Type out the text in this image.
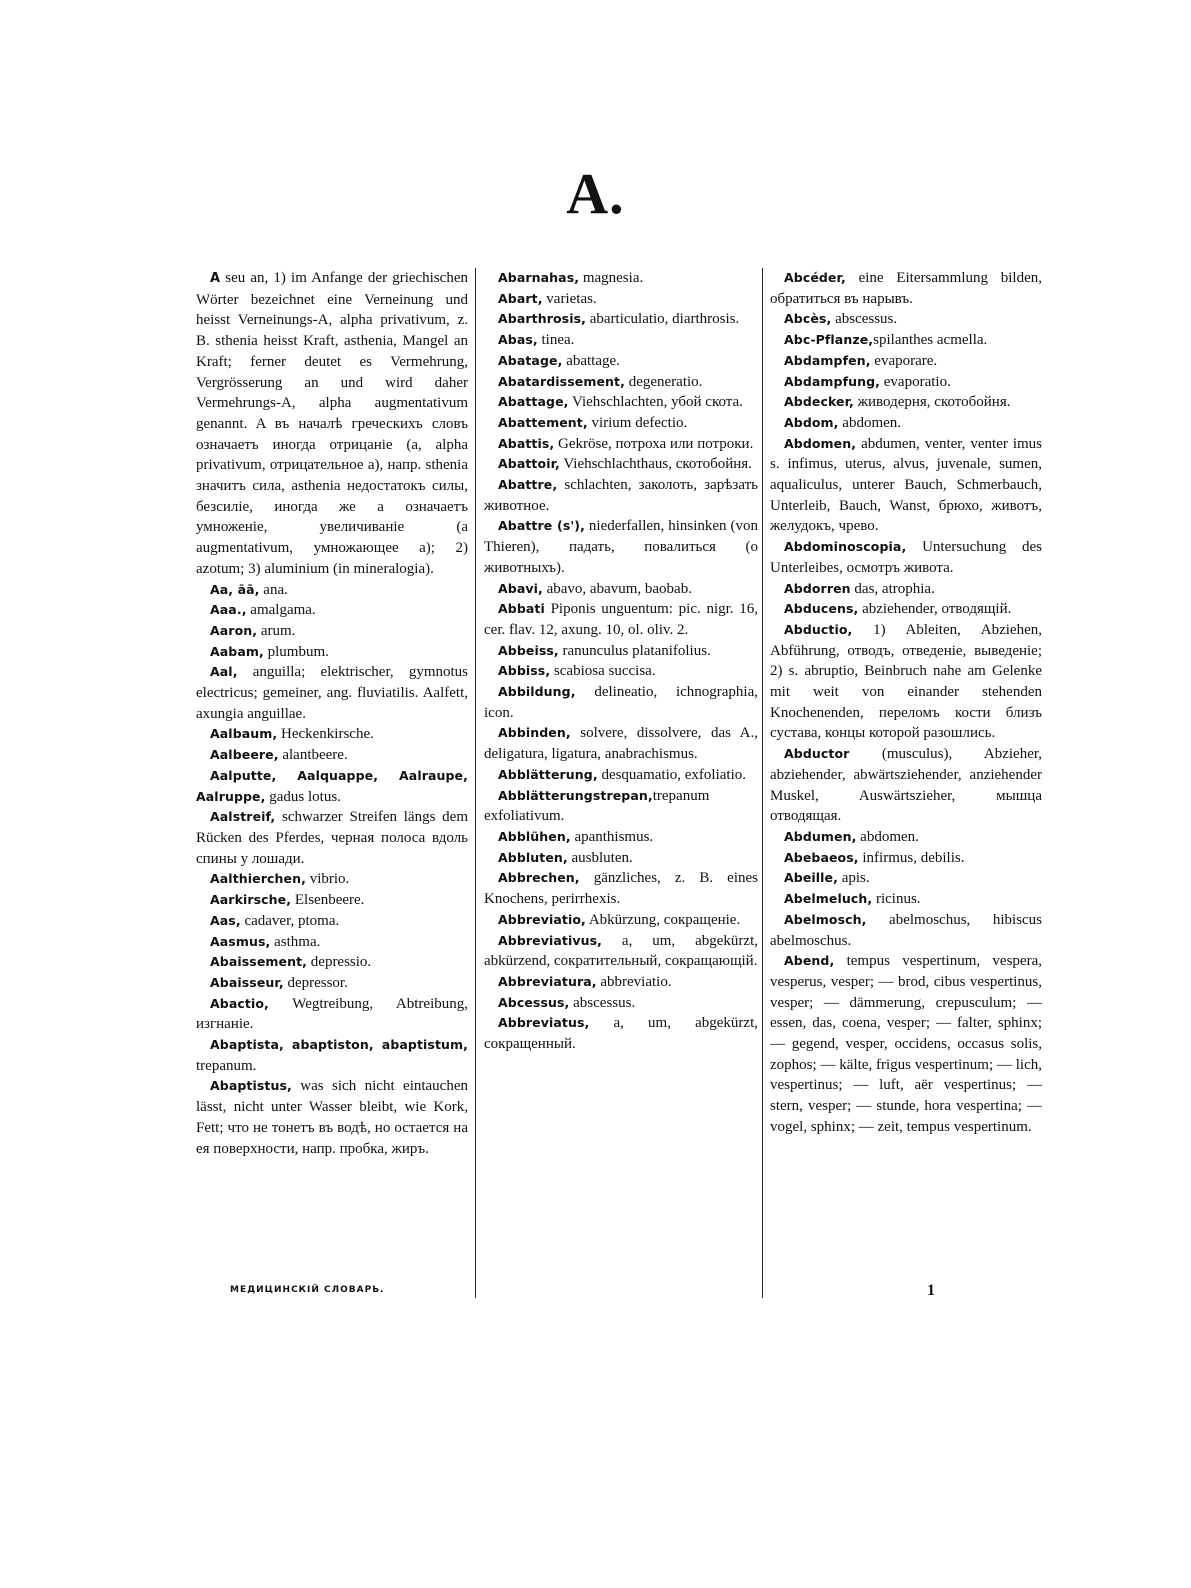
A.

A seu an, 1) im Anfange der griechischen Wörter bezeichnet eine Verneinung und heisst Verneinungs-A, alpha privativum, z. B. sthenia heisst Kraft, asthenia, Mangel an Kraft; ferner deutet es Vermehrung, Vergrösserung an und wird daher Vermehrungs-A, alpha augmentativum genannt. A въ началѣ греческихъ словъ означаетъ иногда отрицанiе (a, alpha privativum, отрицательное а), напр. sthenia значитъ сила, asthenia недостатокъ силы, безсилiе, иногда же а означаетъ умноженiе, увеличиванiе (a augmentativum, умножающее а); 2) azotum; 3) aluminium (in mineralogia).

Aa, āā, ana.

Aaa., amalgama.

Aaron, arum.

Aabam, plumbum.

Aal, anguilla; elektrischer, gymnotus electricus; gemeiner, ang. fluviatilis. Aalfett, axungia anguillae.

Aalbaum, Heckenkirsche.

Aalbeere, alantbeere.

Aalputte, Aalquappe, Aalraupe, Aalruppe, gadus lotus.

Aalstreif, schwarzer Streifen längs dem Rücken des Pferdes, черная полоса вдоль спины у лошади.

Aalthierchen, vibrio.

Aarkirsche, Elsenbeere.

Aas, cadaver, ptoma.

Aasmus, asthma.

Abaissement, depressio.

Abaisseur, depressor.

Abactio, Wegtreibung, Abtreibung, изгнанiе.

Abaptista, abaptiston, abaptistum, trepanum.

Abaptistus, was sich nicht eintauchen lässt, nicht unter Wasser bleibt, wie Kork, Fett; что не тонетъ въ водѣ, но остается на ея поверхности, напр. пробка, жиръ.

Abarnahas, magnesia.

Abart, varietas.

Abarthrosis, abarticulatio, diarthrosis.

Abas, tinea.

Abatage, abattage.

Abatardissement, degeneratio.

Abattage, Viehschlachten, убой скота.

Abattement, virium defectio.

Abattis, Gekröse, потроха или потроки.

Abattoir, Viehschlachthaus, скотобойня.

Abattre, schlachten, заколоть, зарѣзать животное.

Abattre (s'), niederfallen, hinsinken (von Thieren), падать, повалиться (о животныхъ).

Abavi, abavo, abavum, baobab.

Abbati Piponis unguentum: pic. nigr. 16, cer. flav. 12, axung. 10, ol. oliv. 2.

Abbeiss, ranunculus platanifolius.

Abbiss, scabiosa succisa.

Abbildung, delineatio, ichnographia, icon.

Abbinden, solvere, dissolvere, das A., deligatura, ligatura, anabrachismus.

Abblätterung, desquamatio, exfoliatio.

Abblätterungstrepan,trepanum exfoliativum.

Abblühen, apanthismus.

Abbluten, ausbluten.

Abbrechen, gänzliches, z. B. eines Knochens, perirrhexis.

Abbreviatio, Abkürzung, сокращенiе.

Abbreviativus, a, um, abgekürzt, abkürzend, сократительный, сокращающiй.

Abbreviatura, abbreviatio.

Abcessus, abscessus.

Abbreviatus, a, um, abgekürzt, сокращенный.

Abcéder, eine Eitersammlung bilden, обратиться въ нарывъ.

Abcès, abscessus.

Abc-Pflanze,spilanthes acmella.

Abdampfen, evaporare.

Abdampfung, evaporatio.

Abdecker, живодерня, скотобойня.

Abdom, abdomen.

Abdomen, abdumen, venter, venter imus s. infimus, uterus, alvus, juvenale, sumen, aqualiculus, unterer Bauch, Schmerbauch, Unterleib, Bauch, Wanst, брюхо, животъ, желудокъ, чрево.

Abdominoscopia, Untersuchung des Unterleibes, осмотръ живота.

Abdorren das, atrophia.

Abducens, abziehender, отводящiй.

Abductio, 1) Ableiten, Abziehen, Abführung, отводъ, отведенiе, выведенiе; 2) s. abruptio, Beinbruch nahe am Gelenke mit weit von einander stehenden Knochenenden, переломъ кости близъ сустава, концы которой разошлись.

Abductor (musculus), Abzieher, abziehender, abwärtsziehender, anziehender Muskel, Auswärtszieher, мышца отводящая.

Abdumen, abdomen.

Abebaeos, infirmus, debilis.

Abeille, apis.

Abelmeluch, ricinus.

Abelmosch, abelmoschus, hibiscus abelmoschus.

Abend, tempus vespertinum, vespera, vesperus, vesper; — brod, cibus vespertinus, vesper; — dämmerung, crepusculum; — essen, das, coena, vesper; — falter, sphinx; — gegend, vesper, occidens, occasus solis, zophos; — kälte, frigus vespertinum; — lich, vespertinus; — luft, aër vespertinus; — stern, vesper; — stunde, hora vespertina; — vogel, sphinx; — zeit, tempus vespertinum.

МЕДИЦИНСКIЙ СЛОВАРЬ.	1
